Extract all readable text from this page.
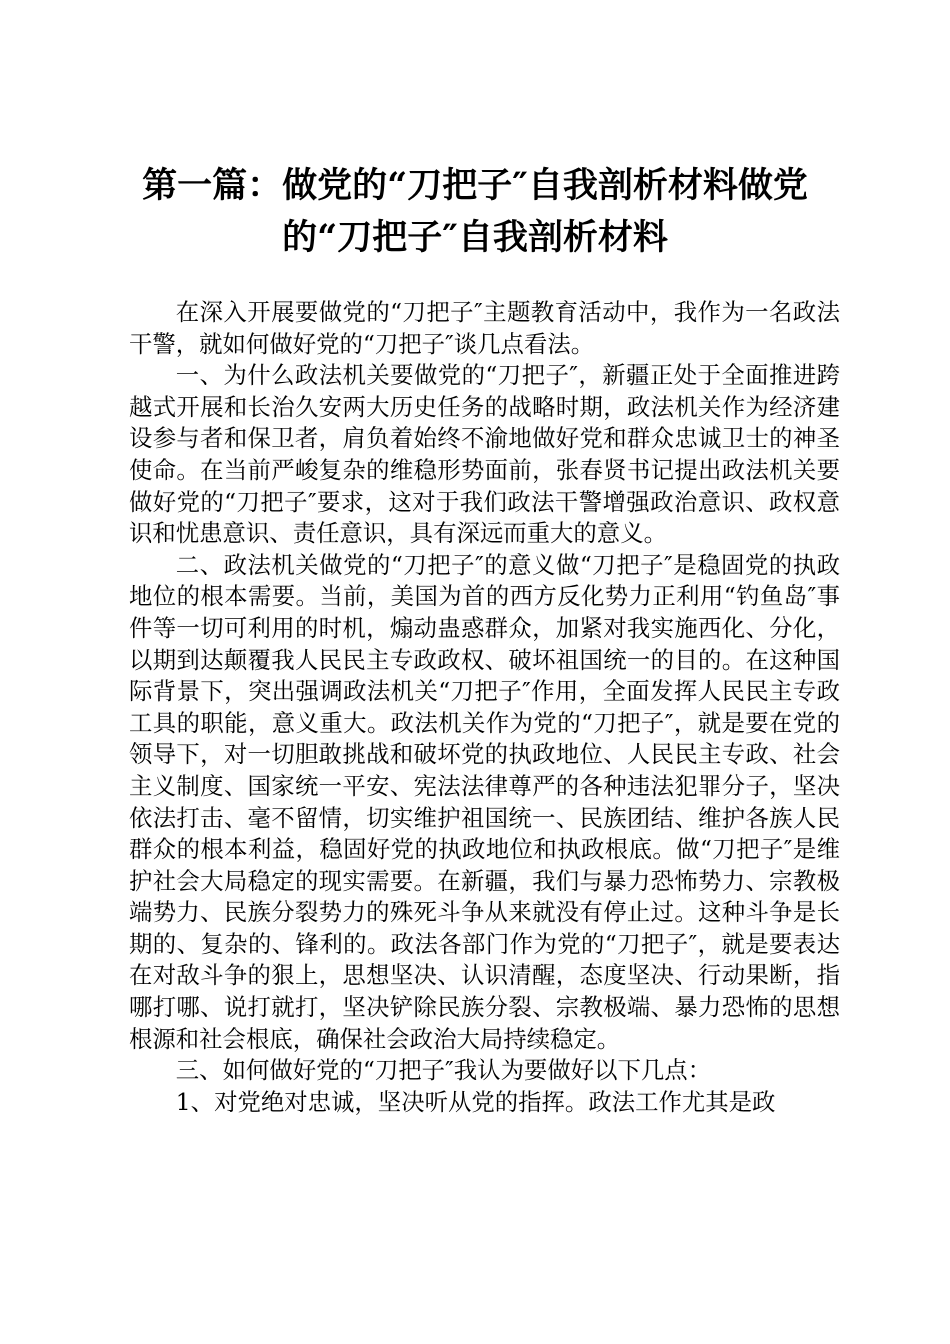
第一篇：做党的“刀把子″自我剖析材料做党
的“刀把子″自我剖析材料

在深入开展要做党的“刀把子″主题教育活动中，我作为一名政法干警，就如何做好党的“刀把子″谈几点看法。

一、为什么政法机关要做党的“刀把子″，新疆正处于全面推进跨越式开展和长治久安两大历史任务的战略时期，政法机关作为经济建设参与者和保卫者，肩负着始终不渝地做好党和群众忠诚卫士的神圣使命。在当前严峻复杂的维稳形势面前，张春贤书记提出政法机关要做好党的“刀把子″要求，这对于我们政法干警增强政治意识、政权意识和忧患意识、责任意识，具有深远而重大的意义。

二、政法机关做党的“刀把子″的意义做“刀把子″是稳固党的执政地位的根本需要。当前，美国为首的西方反化势力正利用“钓鱼岛″事件等一切可利用的时机，煽动蛊惑群众，加紧对我实施西化、分化，以期到达颠覆我人民民主专政政权、破坏祖国统一的目的。在这种国际背景下，突出强调政法机关“刀把子″作用，全面发挥人民民主专政工具的职能，意义重大。政法机关作为党的“刀把子″，就是要在党的领导下，对一切胆敢挑战和破坏党的执政地位、人民民主专政、社会主义制度、国家统一平安、宪法法律尊严的各种违法犯罪分子，坚决依法打击、毫不留情，切实维护祖国统一、民族团结、维护各族人民群众的根本利益，稳固好党的执政地位和执政根底。做“刀把子″是维护社会大局稳定的现实需要。在新疆，我们与暴力恐怖势力、宗教极端势力、民族分裂势力的殊死斗争从来就没有停止过。这种斗争是长期的、复杂的、锋利的。政法各部门作为党的“刀把子″，就是要表达在对敌斗争的狠上，思想坚决、认识清醒，态度坚决、行动果断，指哪打哪、说打就打，坚决铲除民族分裂、宗教极端、暴力恐怖的思想根源和社会根底，确保社会政治大局持续稳定。

三、如何做好党的“刀把子″我认为要做好以下几点：

1、对党绝对忠诚，坚决听从党的指挥。政法工作尤其是政
